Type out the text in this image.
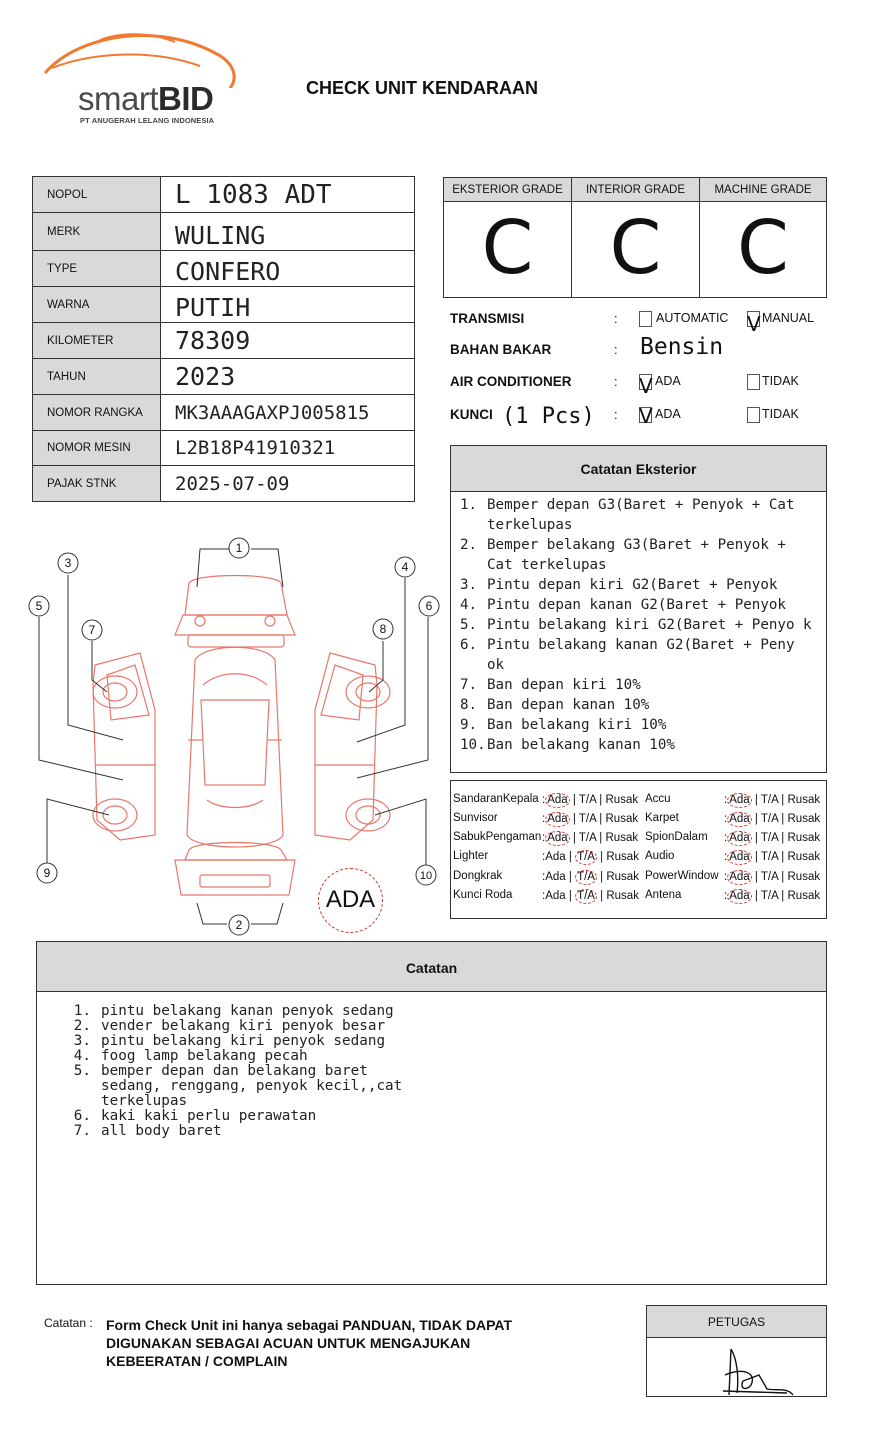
smartBID
PT ANUGERAH LELANG INDONESIA
CHECK UNIT KENDARAAN
NOPOL	L 1083 ADT
MERK	WULING
TYPE	CONFERO
WARNA	PUTIH
KILOMETER	78309
TAHUN	2023
NOMOR RANGKA	MK3AAAGAXPJ005815
NOMOR MESIN	L2B18P41910321
PAJAK STNK	2025-07-09
EKSTERIOR GRADE
C
INTERIOR GRADE
C
MACHINE GRADE
C
TRANSMISI	:	AUTOMATIC V MANUAL
BAHAN BAKAR	: Bensin
AIR CONDITIONER	: V ADA	TIDAK
KUNCI (1 Pcs) : V ADA	TIDAK
Catatan Eksterior
1. Bemper depan G3(Baret + Penyok + Cat  terkelupas
2. Bemper belakang G3(Baret + Penyok + Cat terkelupas
3. Pintu depan kiri G2(Baret + Penyok
4. Pintu depan kanan G2(Baret + Penyok
5. Pintu belakang kiri G2(Baret + Penyo k
6. Pintu belakang kanan G2(Baret + Peny ok
7. Ban depan kiri 10%
8. Ban depan kanan 10%
9. Ban belakang kiri 10%
10. Ban belakang kanan 10%
SandaranKepala : Ada | T/A | Rusak
Sunvisor	: Ada | T/A | Rusak
SabukPengaman : Ada | T/A | Rusak
Lighter	:Ada | T/A | Rusak
Dongkrak	:Ada | T/A | Rusak
Kunci Roda	:Ada | T/A | Rusak
Accu	: Ada | T/A | Rusak
Karpet	: Ada | T/A | Rusak
SpionDalam : Ada | T/A | Rusak
Audio	: Ada | T/A | Rusak
PowerWindow : Ada | T/A | Rusak
Antena	: Ada | T/A | Rusak
1
2
3	4
5	6
7	8
9	10
ADA
Catatan
1. pintu belakang kanan penyok sedang
2. vender belakang kiri penyok besar
3. pintu belakang kiri penyok sedang
4. foog lamp belakang pecah
5. bemper depan dan belakang baret sedang, renggang, penyok kecil,,cat terkelupas
6. kaki kaki perlu perawatan
7. all body baret
Catatan : Form Check Unit ini hanya sebagai PANDUAN, TIDAK DAPAT DIGUNAKAN SEBAGAI ACUAN UNTUK MENGAJUKAN KEBEERATAN / COMPLAIN
PETUGAS
